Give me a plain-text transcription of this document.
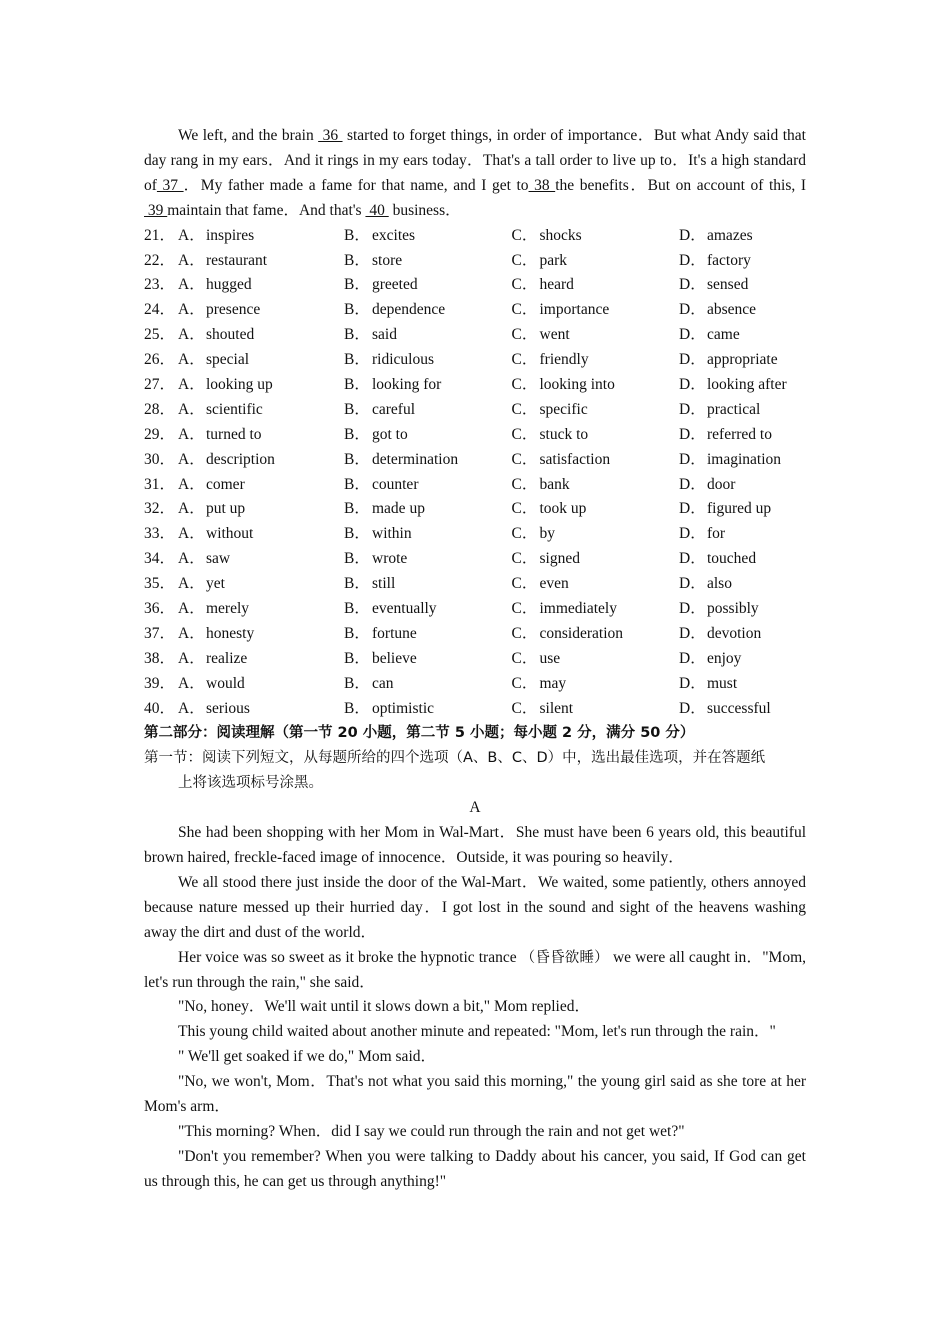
We left, and the brain  36  started to forget things, in order of importance．But what Andy said that day rang in my ears．And it rings in my ears today．That's a tall order to live up to．It's a high standard of 37 ．My father made a fame for that name, and I get to 38 the benefits．But on account of this, I  39 maintain that fame．And that's  40  business．

21． A． inspires	B． excites	C． shocks	D． amazes
22． A． restaurant	B． store	C． park	D． factory
23． A． hugged	B． greeted	C． heard	D． sensed
24． A． presence	B． dependence	C． importance	D． absence
25． A． shouted	B． said	C． went	D． came
26． A． special	B． ridiculous	C． friendly	D． appropriate
27． A． looking up	B． looking for	C． looking into	D． looking after
28． A． scientific	B． careful	C． specific	D． practical
29． A． turned to	B． got to	C． stuck to	D． referred to
30． A． description	B． determination	C． satisfaction	D． imagination
31． A． comer	B． counter	C． bank	D． door
32． A． put up	B． made up	C． took up	D． figured up
33． A． without	B． within	C． by	D． for
34． A． saw	B． wrote	C． signed	D． touched
35． A． yet	B． still	C． even	D． also
36． A． merely	B． eventually	C． immediately	D． possibly
37． A． honesty	B． fortune	C． consideration	D． devotion
38． A． realize	B． believe	C． use	D． enjoy
39． A． would	B． can	C． may	D． must
40． A． serious	B． optimistic	C． silent	D． successful

第二部分：阅读理解（第一节 20 小题，第二节 5 小题；每小题 2 分，满分 50 分）

第一节：阅读下列短文，从每题所给的四个选项（A、B、C、D）中，选出最佳选项，并在答题纸

上将该选项标号涂黑。

A

She had been shopping with her Mom in Wal-Mart．She must have been 6 years old, this beautiful brown haired, freckle-faced image of innocence．Outside, it was pouring so heavily．

We all stood there just inside the door of the Wal-Mart．We waited, some patiently, others annoyed because nature messed up their hurried day．I got lost in the sound and sight of the heavens washing away the dirt and dust of the world．

Her voice was so sweet as it broke the hypnotic trance （昏昏欲睡） we were all caught in．"Mom, let's run through the rain," she said．

"No, honey．We'll wait until it slows down a bit," Mom replied．

This young child waited about another minute and repeated: "Mom, let's run through the rain．"

" We'll get soaked if we do," Mom said．

"No, we won't, Mom．That's not what you said this morning," the young girl said as she tore at her Mom's arm．

"This morning? When．did I say we could run through the rain and not get wet?"

"Don't you remember? When you were talking to Daddy about his cancer, you said, If God can get us through this, he can get us through anything!"
